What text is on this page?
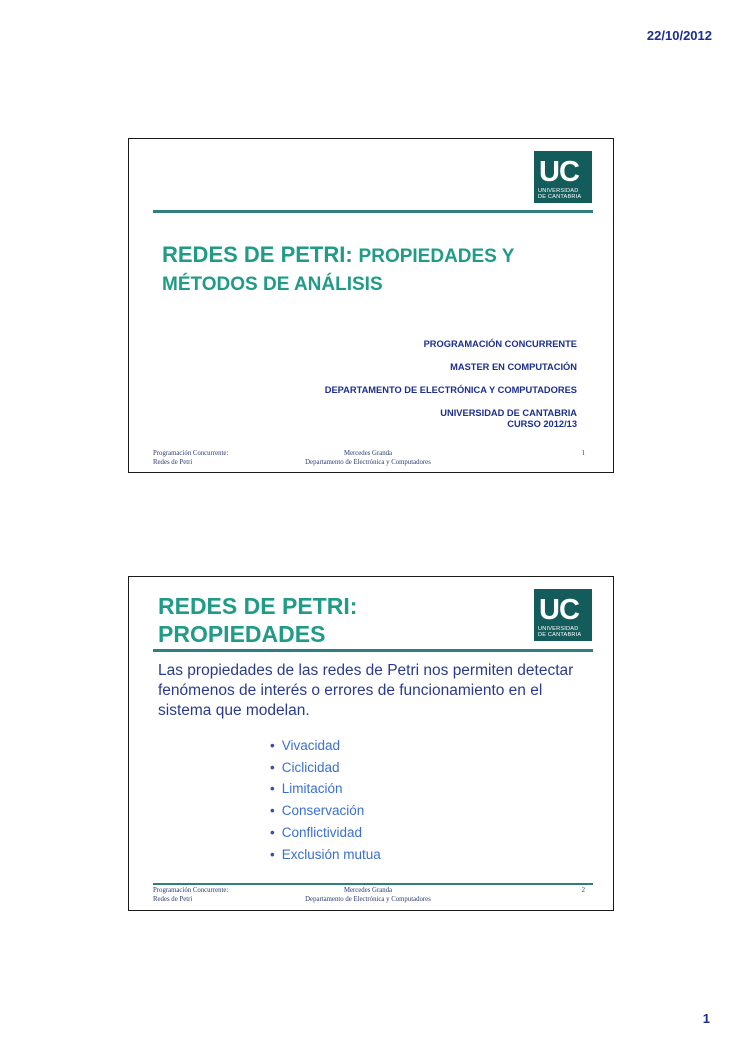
22/10/2012
UC
UNIVERSIDAD
DE CANTABRIA
REDES DE PETRI: PROPIEDADES Y
MÉTODOS DE ANÁLISIS
PROGRAMACIÓN CONCURRENTE
MASTER EN COMPUTACIÓN
DEPARTAMENTO DE ELECTRÓNICA Y COMPUTADORES
UNIVERSIDAD DE CANTABRIA
CURSO 2012/13
Programación Concurrente:
Redes de Petri
Mercedes Granda
Departamento de Electrónica y Computadores
1
REDES DE PETRI:
PROPIEDADES
UC
UNIVERSIDAD
DE CANTABRIA
Las propiedades de las redes de Petri nos permiten detectar fenómenos de interés o errores de funcionamiento en el sistema que modelan.
• Vivacidad
• Ciclicidad
• Limitación
• Conservación
• Conflictividad
• Exclusión mutua
Programación Concurrente:
Redes de Petri
Mercedes Granda
Departamento de Electrónica y Computadores
2
1
